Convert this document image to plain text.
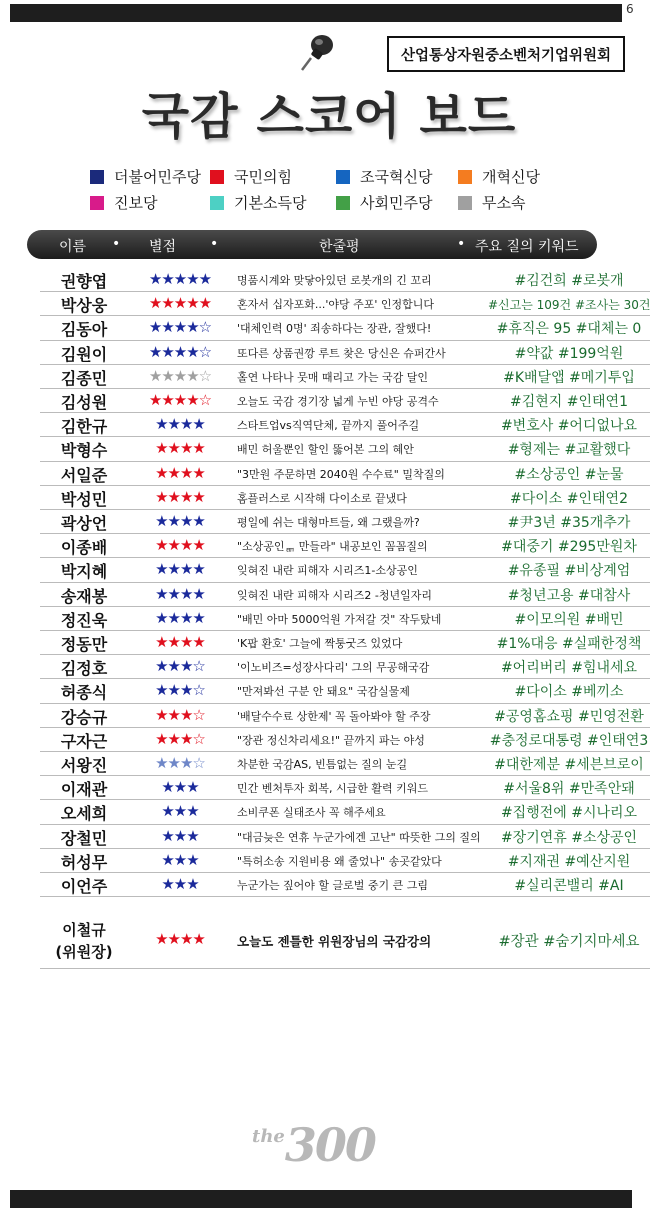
6
산업통상자원중소벤처기업위원회
국감 스코어 보드
더불어민주당 국민의힘	조국혁신당	개혁신당
진보당	기본소득당	사회민주당	무소속
이름 • 별점 •	한줄평	• 주요 질의 키워드
권향엽	★★★★★	명품시계와 맞닿아있던 로봇개의 긴 꼬리	#김건희 #로봇개
박상웅	★★★★★	혼자서 십자포화...'야당 주포' 인정합니다	#신고는 109건 #조사는 30건
김동아	★★★★☆	'대체인력 0명' 죄송하다는 장관, 잘했다!	#휴직은 95 #대체는 0
김원이	★★★★☆	또다른 상품권깡 루트 찾은 당신은 슈퍼간사	#약값 #199억원
김종민	★★★★☆	홀연 나타나 뭇매 때리고 가는 국감 달인	#K배달앱 #메기투입
김성원	★★★★☆	오늘도 국감 경기장 넓게 누빈 야당 공격수	#김현지 #인태연1
김한규	★★★★	스타트업vs직역단체, 끝까지 풀어주길	#변호사 #어디없나요
박형수	★★★★	배민 허울뿐인 할인 뚫어본 그의 혜안	#형제는 #교활했다
서일준	★★★★	"3만원 주문하면 2040원 수수료" 밀착질의	#소상공인 #눈물
박성민	★★★★	홈플러스로 시작해 다이소로 끝냈다	#다이소 #인태연2
곽상언	★★★★	평일에 쉬는 대형마트들, 왜 그랬을까?	#尹3년 #35개추가
이종배	★★★★	"소상공인ᇑ 만들라" 내공보인 꼼꼼질의	#대중기 #295만원차
박지혜	★★★★	잊혀진 내란 피해자 시리즈1-소상공인	#유종필 #비상계엄
송재봉	★★★★	잊혀진 내란 피해자 시리즈2 -청년일자리	#청년고용 #대참사
정진욱	★★★★	"배민 아마 5000억원 가져갈 것" 작두탔네	#이모의원 #배민
정동만	★★★★	'K팝 환호' 그늘에 짝퉁굿즈 있었다	#1%대응 #실패한정책
김정호	★★★☆	'이노비즈=성장사다리' 그의 무공해국감	#어리버리 #힘내세요
허종식	★★★☆	"만져봐선 구분 안 돼요" 국감실물제	#다이소 #베끼소
강승규	★★★☆	'배달수수료 상한제' 꼭 돌아봐야 할 주장	#공영홈쇼핑 #민영전환
구자근	★★★☆	"장관 정신차리세요!" 끝까지 파는 야성	#충정로대통령 #인태연3
서왕진	★★★☆	차분한 국감AS, 빈틈없는 질의 눈길	#대한제분 #세븐브로이
이재관	★★★	민간 벤처투자 회복, 시급한 활력 키워드	#서울8위 #만족안돼
오세희	★★★	소비쿠폰 실태조사 꼭 해주세요	#집행전에 #시나리오
장철민	★★★	"대금늦은 연휴 누군가에겐 고난" 따뜻한 그의 질의	#장기연휴 #소상공인
허성무	★★★	"특허소송 지원비용 왜 줄었나" 송곳같았다	#지재권 #예산지원
이언주	★★★	누군가는 짚어야 할 글로벌 중기 큰 그림	#실리콘밸리 #AI
이철규
(위원장)
★★★★	오늘도 젠틀한 위원장님의 국감강의	#장관 #숨기지마세요
the300
